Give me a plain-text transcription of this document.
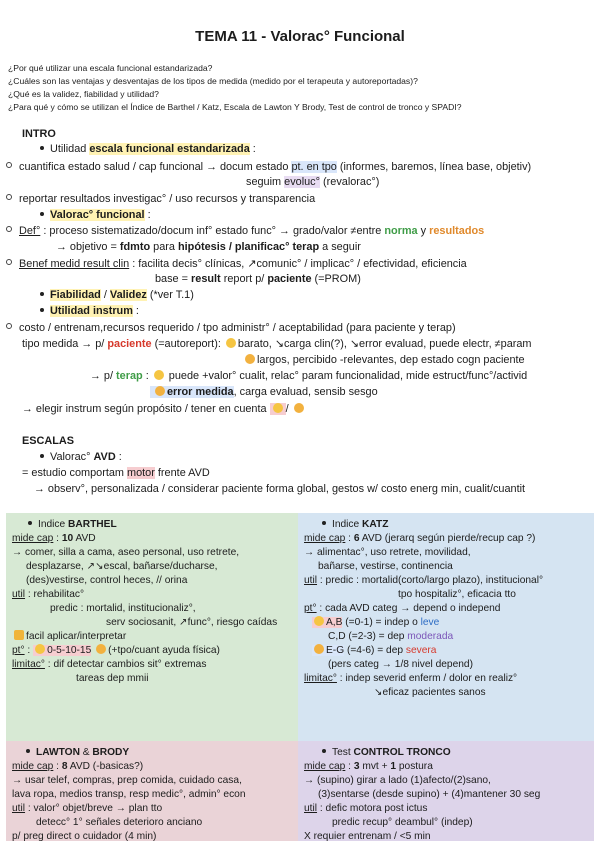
TEMA 11 - Valorac° Funcional
¿Por qué utilizar una escala funcional estandarizada?
¿Cuáles son las ventajas y desventajas de los tipos de medida (medido por el terapeuta y autoreportadas)?
¿Qué es la validez, fiabilidad y utilidad?
¿Para qué y cómo se utilizan el Índice de Barthel / Katz, Escala de Lawton Y Brody, Test de control de tronco y SPADI?
INTRO
Utilidad escala funcional estandarizada :
cuantifica estado salud / cap funcional → docum estado pt. en tpo (informes, baremos, línea base, objetiv)
seguim evoluc° (revalorac°)
reportar resultados investigac° / uso recursos y transparencia
Valorac° funcional :
Def° : proceso sistematizado/docum inf° estado func° → grado/valor ≠entre norma y resultados
→ objetivo = fdmto para hipótesis / planificac° terap a seguir
Benef medid result clin : facilita decis° clínicas, ↗comunic° / implicac° / efectividad, eficiencia
base = result report p/ paciente (=PROM)
Fiabilidad / Validez (*ver T.1)
Utilidad instrum :
costo / entrenam,recursos requerido / tpo administr° / aceptabilidad (para paciente y terap)
tipo medida → p/ paciente (=autoreport): barato, ↘carga clin(?), ↘error evaluad, puede electr, ≠param
largos, percibido -relevantes, dep estado cogn paciente
→ p/ terap :  puede +valor° cualit, relac° param funcionalidad, mide estruct/func°/activid
error medida, carga evaluad, sensib sesgo
→ elegir instrum según propósito / tener en cuenta /
ESCALAS
Valorac° AVD :
= estudio comportam motor frente AVD
→ observ°, personalizada / considerar paciente forma global, gestos w/ costo energ min, cualit/cuantit
Indice BARTHEL
mide cap : 10 AVD
→ comer, silla a cama, aseo personal, uso retrete,
desplazarse, ↗↘escal, bañarse/ducharse,
(des)vestirse, control heces, // orina
util : rehabilitac°
predic : mortalid, institucionaliz°,
serv sociosanit, ↗func°, riesgo caídas
facil aplicar/interpretar
pt° : 0-5-10-15 (+tpo/cuant ayuda física)
limitac° : dif detectar cambios sit° extremas
tareas dep mmii
Indice KATZ
mide cap : 6 AVD (jerarq según pierde/recup cap ?)
→ alimentac°, uso retrete, movilidad,
bañarse, vestirse, continencia
util : predic : mortalid(corto/largo plazo), institucional°
tpo hospitaliz°, eficacia tto
pt° : cada AVD categ → depend o independ
A,B (=0-1) = indep o leve
C,D (=2-3) = dep moderada
E-G (=4-6) = dep severa
(pers categ → 1/8 nivel depend)
limitac° : indep severid enferm / dolor en realiz°
↘eficaz pacientes sanos
LAWTON & BRODY
mide cap : 8 AVD (-basicas?)
→ usar telef, compras, prep comida, cuidado casa,
lava ropa, medios transp, resp medic°, admin° econ
util : valor° objet/breve → plan tto
detecc° 1° señales deterioro anciano
p/ preg direct o cuidador (4 min)
Test CONTROL TRONCO
mide cap : 3 mvt + 1 postura
→ (supino) girar a lado (1)afecto/(2)sano,
(3)sentarse (desde supino) + (4)mantener 30 seg
util : defic motora post ictus
predic recup° deambul° (indep)
X requier entrenam / <5 min
